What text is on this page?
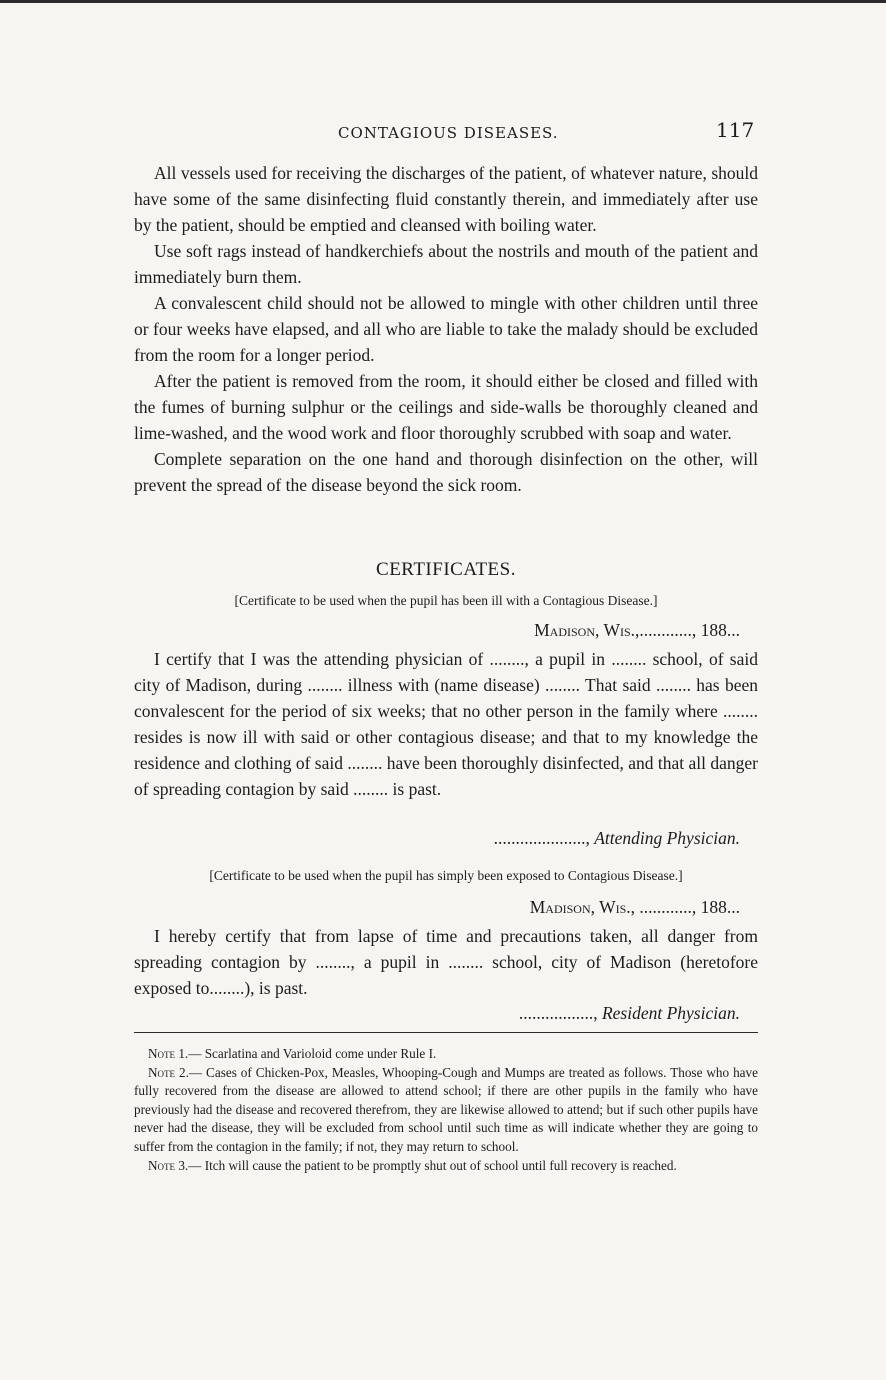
CONTAGIOUS DISEASES.	117

All vessels used for receiving the discharges of the patient, of whatever nature, should have some of the same disinfecting fluid constantly therein, and immediately after use by the patient, should be emptied and cleansed with boiling water.

Use soft rags instead of handkerchiefs about the nostrils and mouth of the patient and immediately burn them.

A convalescent child should not be allowed to mingle with other children until three or four weeks have elapsed, and all who are liable to take the malady should be excluded from the room for a longer period.

After the patient is removed from the room, it should either be closed and filled with the fumes of burning sulphur or the ceilings and side-walls be thoroughly cleaned and lime-washed, and the wood work and floor thoroughly scrubbed with soap and water.

Complete separation on the one hand and thorough disinfection on the other, will prevent the spread of the disease beyond the sick room.

CERTIFICATES.
[Certificate to be used when the pupil has been ill with a Contagious Disease.]
Madison, Wis.,............, 188...

I certify that I was the attending physician of ........, a pupil in ........ school, of said city of Madison, during ........ illness with (name disease) ........ That said ........ has been convalescent for the period of six weeks; that no other person in the family where ........ resides is now ill with said or other contagious disease; and that to my knowledge the residence and clothing of said ........ have been thoroughly disinfected, and that all danger of spreading contagion by said ........ is past.

....................., Attending Physician.
[Certificate to be used when the pupil has simply been exposed to Contagious Disease.]
Madison, Wis., ............, 188...

I hereby certify that from lapse of time and precautions taken, all danger from spreading contagion by ........, a pupil in ........ school, city of Madison (heretofore exposed to........), is past.

................., Resident Physician.

Note 1.— Scarlatina and Varioloid come under Rule I.

Note 2.— Cases of Chicken-Pox, Measles, Whooping-Cough and Mumps are treated as follows. Those who have fully recovered from the disease are allowed to attend school; if there are other pupils in the family who have previously had the disease and recovered therefrom, they are likewise allowed to attend; but if such other pupils have never had the disease, they will be excluded from school until such time as will indicate whether they are going to suffer from the contagion in the family; if not, they may return to school.

Note 3.— Itch will cause the patient to be promptly shut out of school until full recovery is reached.
